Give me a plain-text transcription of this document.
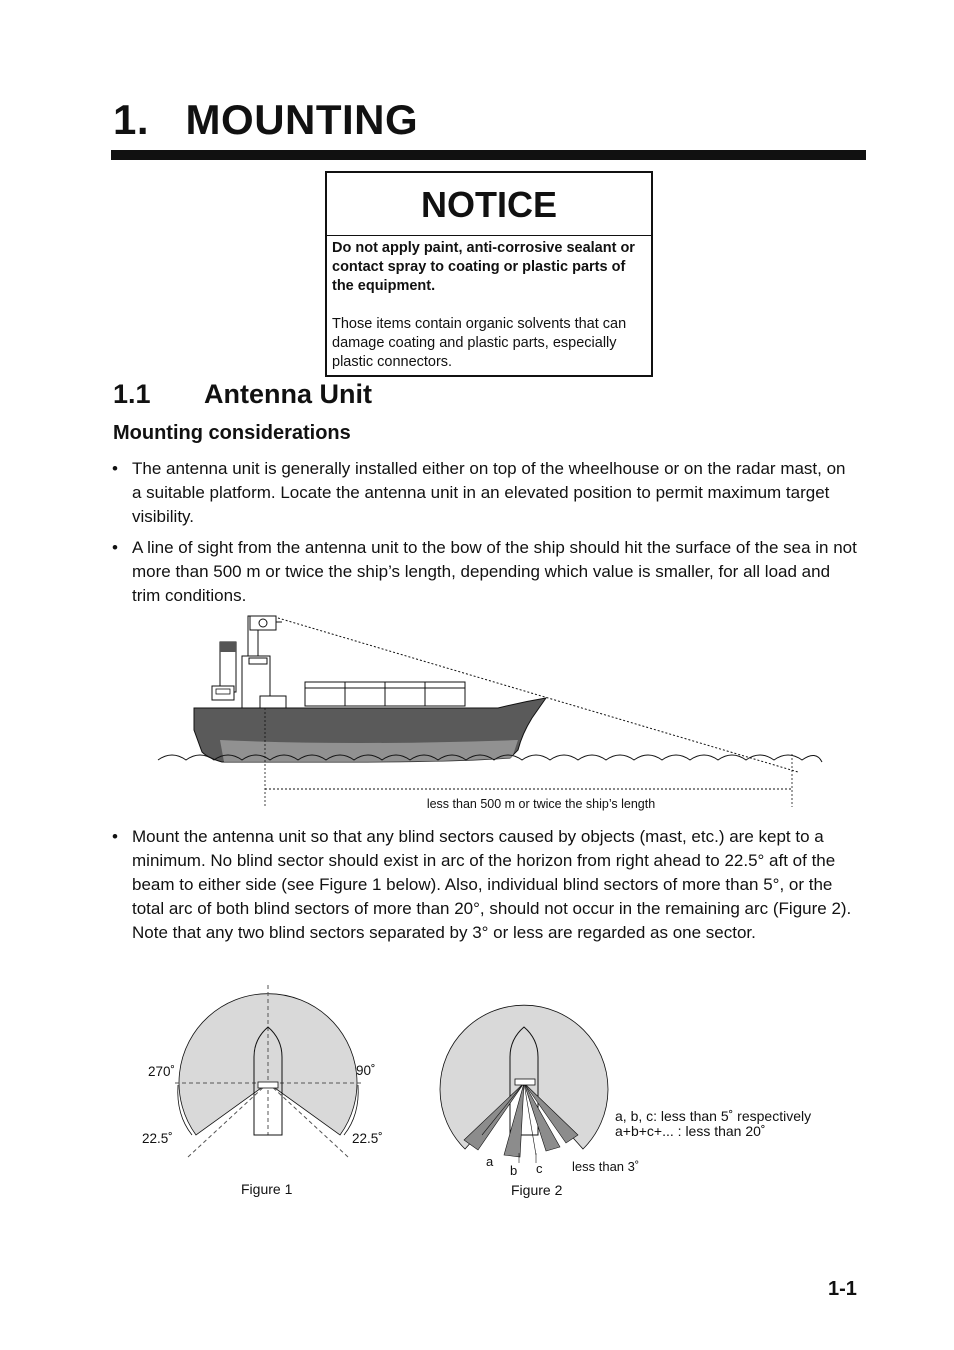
1.   MOUNTING
NOTICE
Do not apply paint, anti-corrosive sealant or contact spray to coating or plastic parts of the equipment.
Those items contain organic solvents that can damage coating and plastic parts, especially plastic connectors.
1.1 Antenna Unit
Mounting considerations
• The antenna unit is generally installed either on top of the wheelhouse or on the radar mast, on a suitable platform. Locate the antenna unit in an elevated position to permit maximum target visibility.
• A line of sight from the antenna unit to the bow of the ship should hit the surface of the sea in not more than 500 m or twice the ship’s length, depending which value is smaller, for all load and trim conditions.
less than 500 m or twice the ship’s length
• Mount the antenna unit so that any blind sectors caused by objects (mast, etc.) are kept to a minimum. No blind sector should exist in arc of the horizon from right ahead to 22.5° aft of the beam to either side (see Figure 1 below). Also, individual blind sectors of more than 5°, or the total arc of both blind sectors of more than 20°, should not occur in the remaining arc (Figure 2). Note that any two blind sectors separated by 3° or less are regarded as one sector.
270˚	90˚
22.5˚	22.5˚
Figure 1
a
b c less than 3˚
a, b, c: less than 5˚ respectively
a+b+c+... : less than 20˚
Figure 2
1-1
